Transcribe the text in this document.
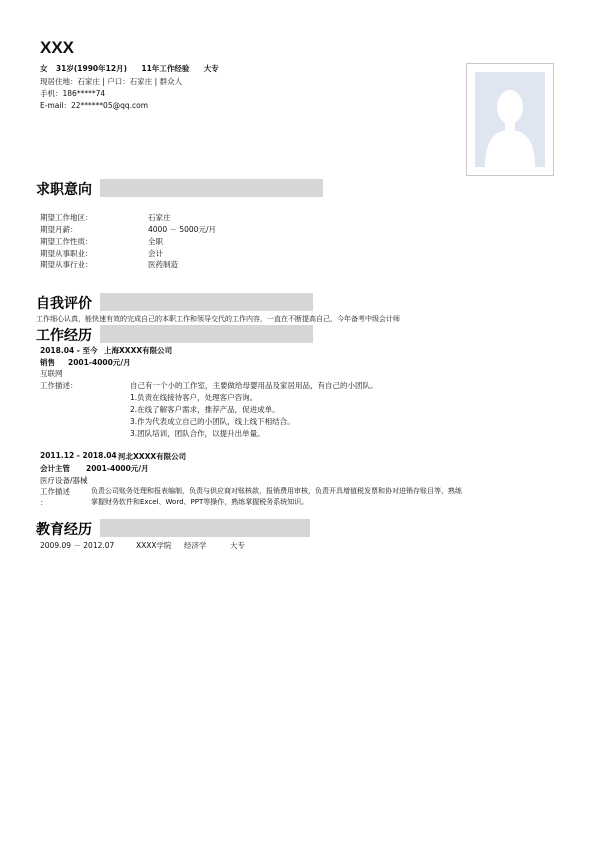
XXX
女 31岁(1990年12月) 11年工作经验 大专
现居住地：石家庄 | 户口：石家庄 | 群众人
手机：186*****74
E-mail：22******05@qq.com
求职意向
期望工作地区：	石家庄
期望月薪：	4000 － 5000元/月
期望工作性质：	全职
期望从事职业：	会计
期望从事行业：	医药制造
自我评价
工作细心认真，能快速有效的完成自己的本职工作和领导交代的工作内容，一直在不断提高自己，今年备考中级会计师
工作经历
2018.04 - 至今 上海XXXX有限公司
销售 2001-4000元/月
互联网
工作描述：	自己有一个小的工作室，主要做给母婴用品及家居用品，有自己的小团队。
1.负责在线接待客户，处理客户咨询。
2.在线了解客户需求，推荐产品，促进成单。
3.作为代表成立自己的小团队，线上线下相结合。
3.团队培训，团队合作，以提升出单量。
2011.12 - 2018.04 河北XXXX有限公司
会计主管 2001-4000元/月
医疗设备/器械
工作描述
：
负责公司账务处理和报表编制，负责与供应商对账核款，报销费用审核，负责开具增值税发票和协对进销存账目等，熟练
掌握财务软件和Excel、Word、PPT等操作，熟练掌握税务系统知识。
教育经历
2009.09 － 2012.07	XXXX学院 经济学	大专
